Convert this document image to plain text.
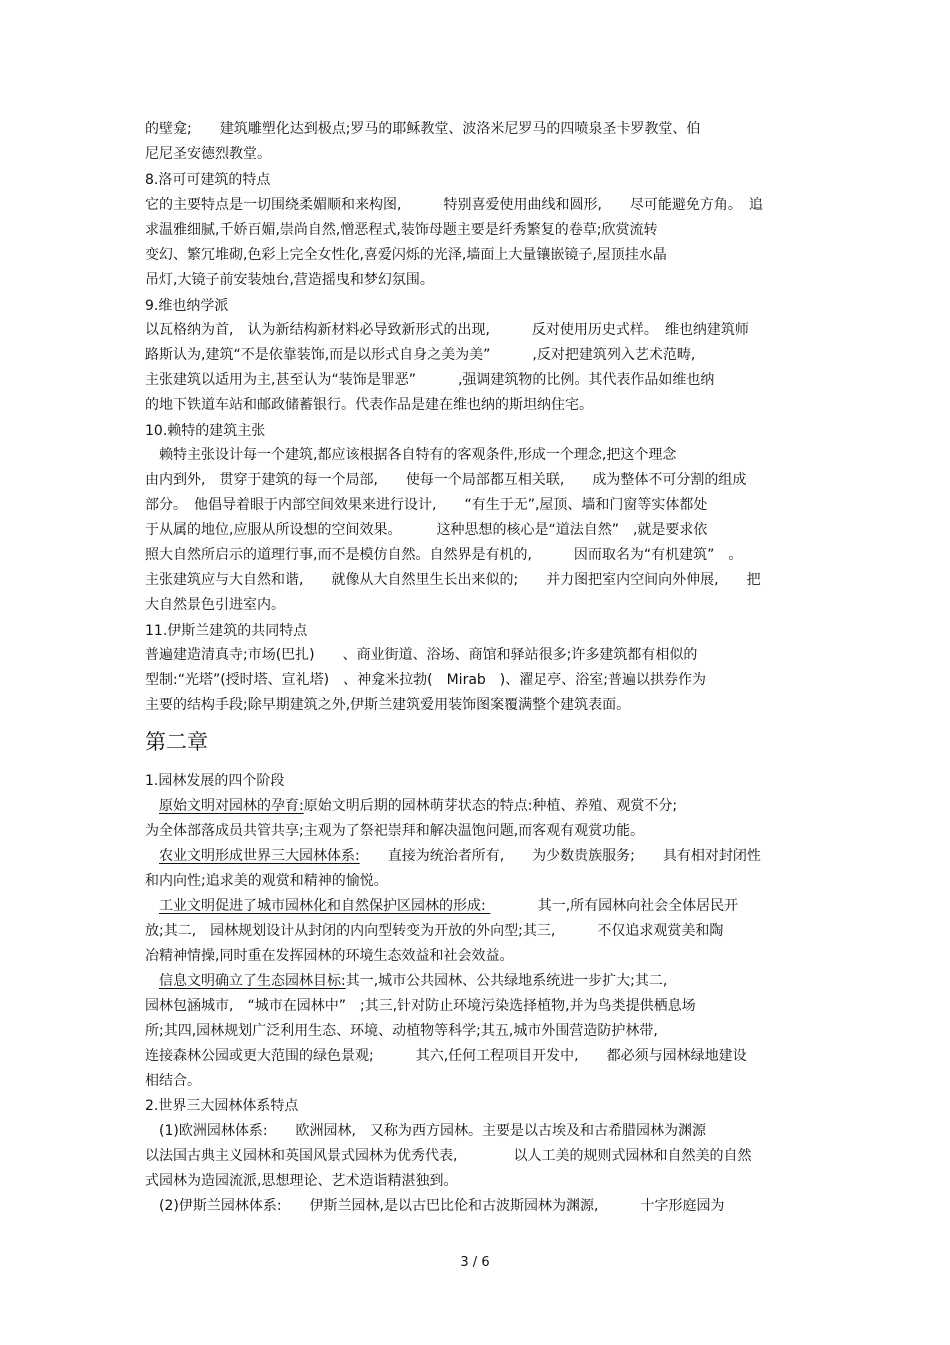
的壁龛;　　建筑雕塑化达到极点;罗马的耶稣教堂、波洛米尼罗马的四喷泉圣卡罗教堂、伯
尼尼圣安德烈教堂。
8.洛可可建筑的特点
它的主要特点是一切围绕柔媚顺和来构图,　　　特别喜爱使用曲线和圆形,　　尽可能避免方角。　追
求温雅细腻,千娇百媚,崇尚自然,憎恶程式,装饰母题主要是纤秀繁复的卷草;欣赏流转
变幻、繁冗堆砌,色彩上完全女性化,喜爱闪烁的光泽,墙面上大量镶嵌镜子,屋顶挂水晶
吊灯,大镜子前安装烛台,营造摇曳和梦幻氛围。
9.维也纳学派
以瓦格纳为首,　认为新结构新材料必导致新形式的出现,　　　反对使用历史式样。　维也纳建筑师
路斯认为,建筑“不是依靠装饰,而是以形式自身之美为美”　　　,反对把建筑列入艺术范畴,
主张建筑以适用为主,甚至认为“装饰是罪恶”　　　,强调建筑物的比例。其代表作品如维也纳
的地下铁道车站和邮政储蓄银行。代表作品是建在维也纳的斯坦纳住宅。
10.赖特的建筑主张
　赖特主张设计每一个建筑,都应该根据各自特有的客观条件,形成一个理念,把这个理念
由内到外,　贯穿于建筑的每一个局部,　　使每一个局部都互相关联,　　成为整体不可分割的组成
部分。　他倡导着眼于内部空间效果来进行设计,　　“有生于无”,屋顶、墙和门窗等实体都处
于从属的地位,应服从所设想的空间效果。　　　这种思想的核心是“道法自然”　,就是要求依
照大自然所启示的道理行事,而不是模仿自然。自然界是有机的,　　　因而取名为“有机建筑”　。
主张建筑应与大自然和谐,　　就像从大自然里生长出来似的;　　并力图把室内空间向外伸展,　　把
大自然景色引进室内。
11.伊斯兰建筑的共同特点
普遍建造清真寺;市场(巴扎)　　、商业街道、浴场、商馆和驿站很多;许多建筑都有相似的
型制:“光塔”(授时塔、宣礼塔)　、神龛米拉勃(　Mirab　)、濯足亭、浴室;普遍以拱券作为
主要的结构手段;除早期建筑之外,伊斯兰建筑爱用装饰图案覆满整个建筑表面。
第二章
1.园林发展的四个阶段
原始文明对园林的孕育:原始文明后期的园林萌芽状态的特点:种植、养殖、观赏不分;
为全体部落成员共管共享;主观为了祭祀崇拜和解决温饱问题,而客观有观赏功能。
农业文明形成世界三大园林体系:　直接为统治者所有,　　为少数贵族服务;　　具有相对封闭性
和内向性;追求美的观赏和精神的愉悦。
工业文明促进了城市园林化和自然保护区园林的形成:	　其一,所有园林向社会全体居民开
放;其二,　园林规划设计从封闭的内向型转变为开放的外向型;其三,　　　不仅追求观赏美和陶
冶精神情操,同时重在发挥园林的环境生态效益和社会效益。
信息文明确立了生态园林目标:其一,城市公共园林、公共绿地系统进一步扩大;其二,
园林包涵城市,　“城市在园林中”　;其三,针对防止环境污染选择植物,并为鸟类提供栖息场
所;其四,园林规划广泛利用生态、环境、动植物等科学;其五,城市外围营造防护林带,
连接森林公园或更大范围的绿色景观;　　　其六,任何工程项目开发中,　　都必须与园林绿地建设
相结合。
2.世界三大园林体系特点
　(1)欧洲园林体系:　　欧洲园林,　又称为西方园林。主要是以古埃及和古希腊园林为渊源
以法国古典主义园林和英国风景式园林为优秀代表,　　　　以人工美的规则式园林和自然美的自然
式园林为造园流派,思想理论、艺术造诣精湛独到。
　(2)伊斯兰园林体系:　　伊斯兰园林,是以古巴比伦和古波斯园林为渊源,　　　十字形庭园为
3 / 6
